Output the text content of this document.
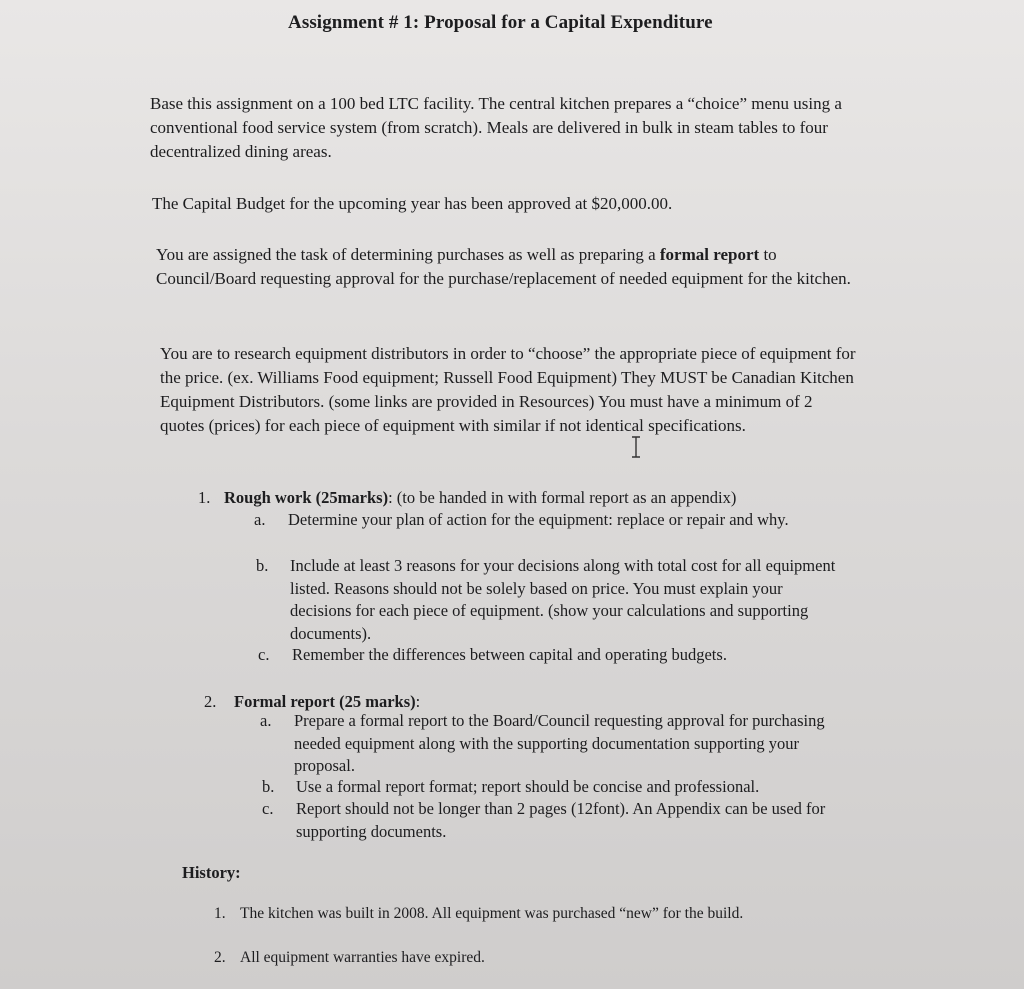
Assignment # 1: Proposal for a Capital Expenditure

Base this assignment on a 100 bed LTC facility. The central kitchen prepares a “choice” menu using a conventional food service system (from scratch). Meals are delivered in bulk in steam tables to four decentralized dining areas.

The Capital Budget for the upcoming year has been approved at $20,000.00.

You are assigned the task of determining purchases as well as preparing a formal report to Council/Board requesting approval for the purchase/replacement of needed equipment for the kitchen.

You are to research equipment distributors in order to “choose” the appropriate piece of equipment for the price. (ex. Williams Food equipment; Russell Food Equipment) They MUST be Canadian Kitchen Equipment Distributors. (some links are provided in Resources) You must have a minimum of 2 quotes (prices) for each piece of equipment with similar if not identical specifications.

1. Rough work (25marks): (to be handed in with formal report as an appendix)
a. Determine your plan of action for the equipment: replace or repair and why.
b. Include at least 3 reasons for your decisions along with total cost for all equipment listed. Reasons should not be solely based on price. You must explain your decisions for each piece of equipment. (show your calculations and supporting documents).
c. Remember the differences between capital and operating budgets.
2. Formal report (25 marks):
a. Prepare a formal report to the Board/Council requesting approval for purchasing needed equipment along with the supporting documentation supporting your proposal.
b. Use a formal report format; report should be concise and professional.
c. Report should not be longer than 2 pages (12font). An Appendix can be used for supporting documents.
History:
1. The kitchen was built in 2008. All equipment was purchased “new” for the build.
2. All equipment warranties have expired.
